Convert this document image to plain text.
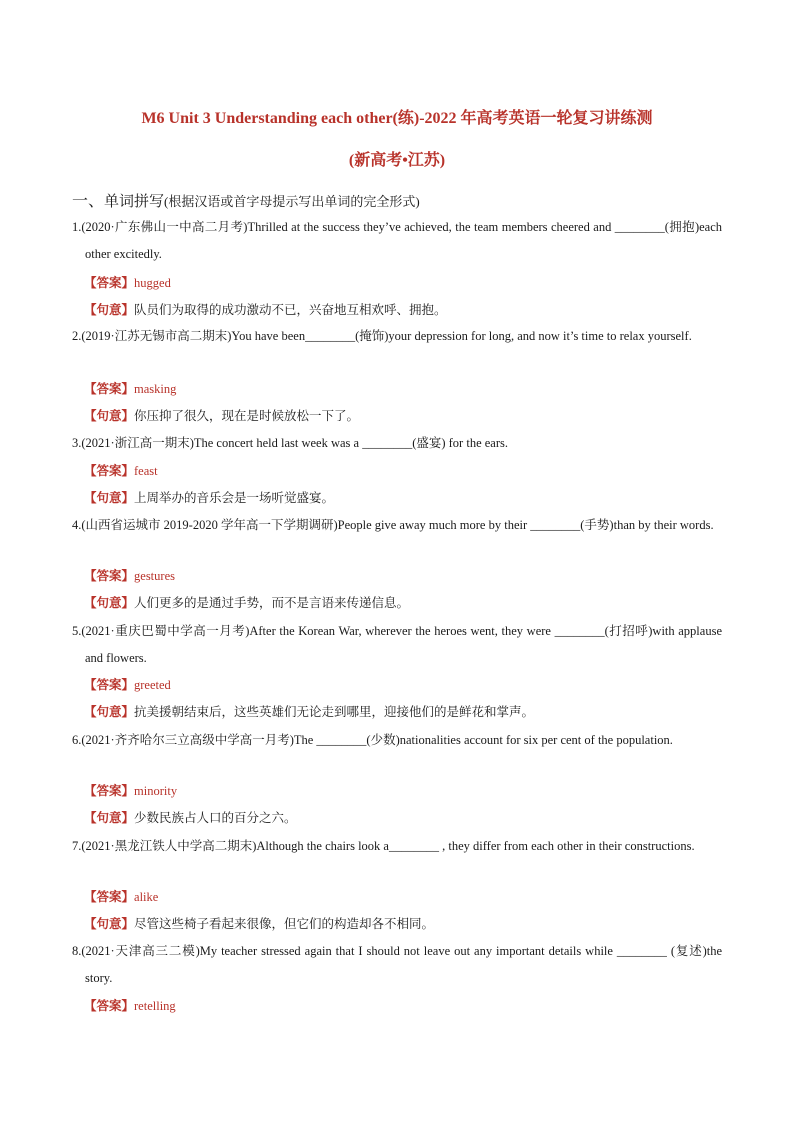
M6 Unit 3 Understanding each other(练)-2022 年高考英语一轮复习讲练测
(新高考•江苏)
一、单词拼写(根据汉语或首字母提示写出单词的完全形式)
1.(2020·广东佛山一中高二月考)Thrilled at the success they’ve achieved, the team members cheered and ________(拥抱)each other excitedly.
【答案】hugged
【句意】队员们为取得的成功激动不已，兴奋地互相欢呼、拥抱。
2.(2019·江苏无锡市高二期末)You have been________(掩饰)your depression for long, and now it’s time to relax yourself.
【答案】masking
【句意】你压抑了很久，现在是时候放松一下了。
3.(2021·浙江高一期末)The concert held last week was a ________(盛宴) for the ears.
【答案】feast
【句意】上周举办的音乐会是一场听觉盛宴。
4.(山西省运城市 2019-2020 学年高一下学期调研)People give away much more by their ________(手势)than by their words.
【答案】gestures
【句意】人们更多的是通过手势，而不是言语来传递信息。
5.(2021·重庆巴蜀中学高一月考)After the Korean War, wherever the heroes went, they were ________(打招呼)with applause and flowers.
【答案】greeted
【句意】抗美援朝结束后，这些英雄们无论走到哪里，迎接他们的是鲜花和掌声。
6.(2021·齐齐哈尔三立高级中学高一月考)The ________(少数)nationalities account for six per cent of the population.
【答案】minority
【句意】少数民族占人口的百分之六。
7.(2021·黑龙江铁人中学高二期末)Although the chairs look a________ , they differ from each other in their constructions.
【答案】alike
【句意】尽管这些椅子看起来很像，但它们的构造却各不相同。
8.(2021·天津高三二模)My teacher stressed again that I should not leave out any important details while ________ (复述)the story.
【答案】retelling
